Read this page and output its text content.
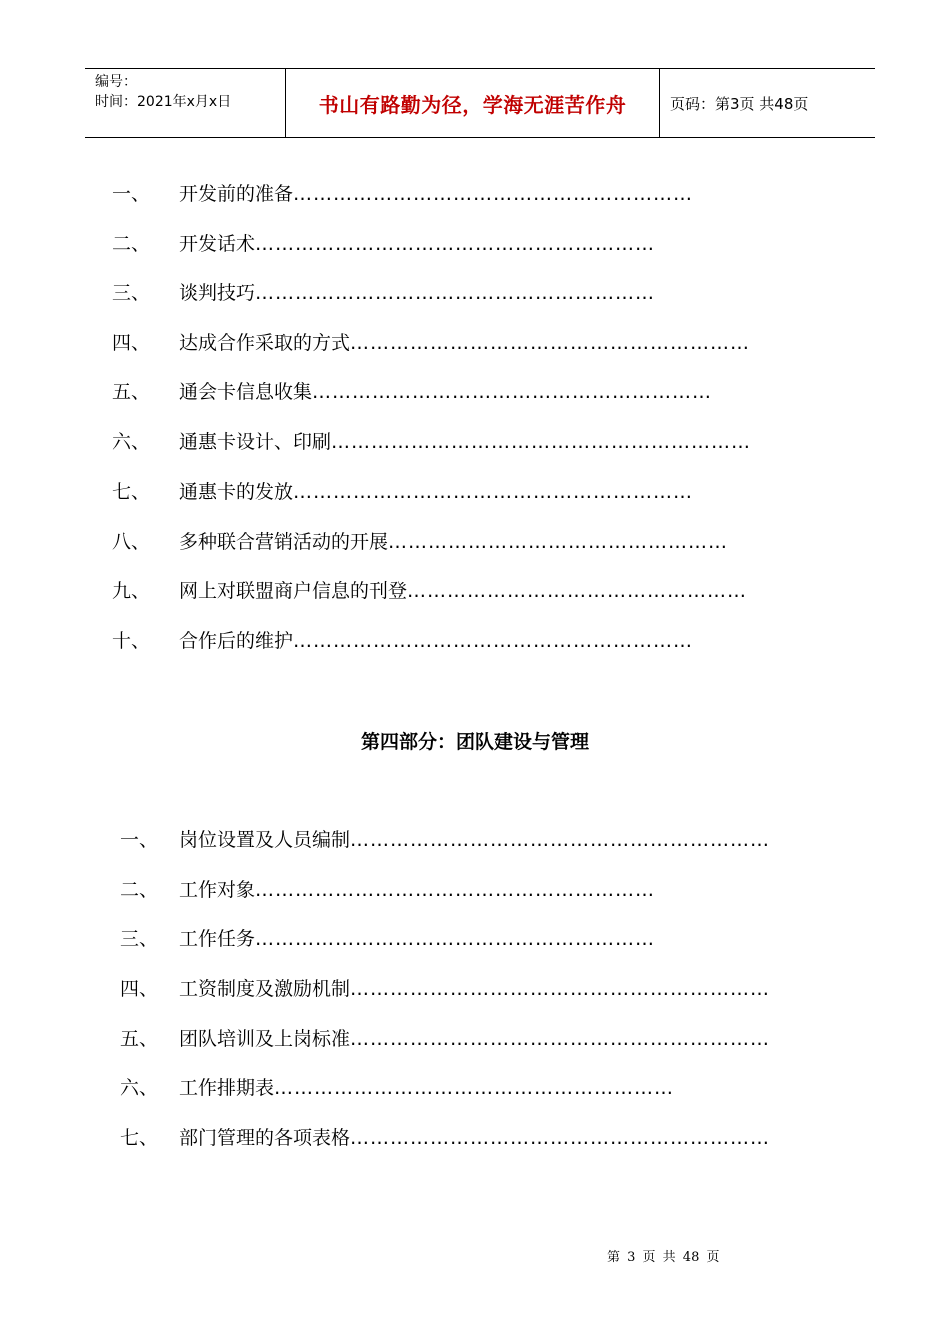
编号：
时间：2021年x月x日	书山有路勤为径，学海无涯苦作舟	页码：第3页 共48页
一、 开发前的准备……………………………………………………
二、 开发话术……………………………………………………
三、 谈判技巧……………………………………………………
四、 达成合作采取的方式……………………………………………………
五、 通会卡信息收集……………………………………………………
六、 通惠卡设计、印刷………………………………………………………
七、 通惠卡的发放……………………………………………………
八、 多种联合营销活动的开展……………………………………………
九、 网上对联盟商户信息的刊登……………………………………………
十、 合作后的维护……………………………………………………
第四部分：团队建设与管理
一、 岗位设置及人员编制………………………………………………………
二、 工作对象……………………………………………………
三、 工作任务……………………………………………………
四、 工资制度及激励机制………………………………………………………
五、 团队培训及上岗标准………………………………………………………
六、 工作排期表……………………………………………………
七、 部门管理的各项表格………………………………………………………
第 3 页 共 48 页
